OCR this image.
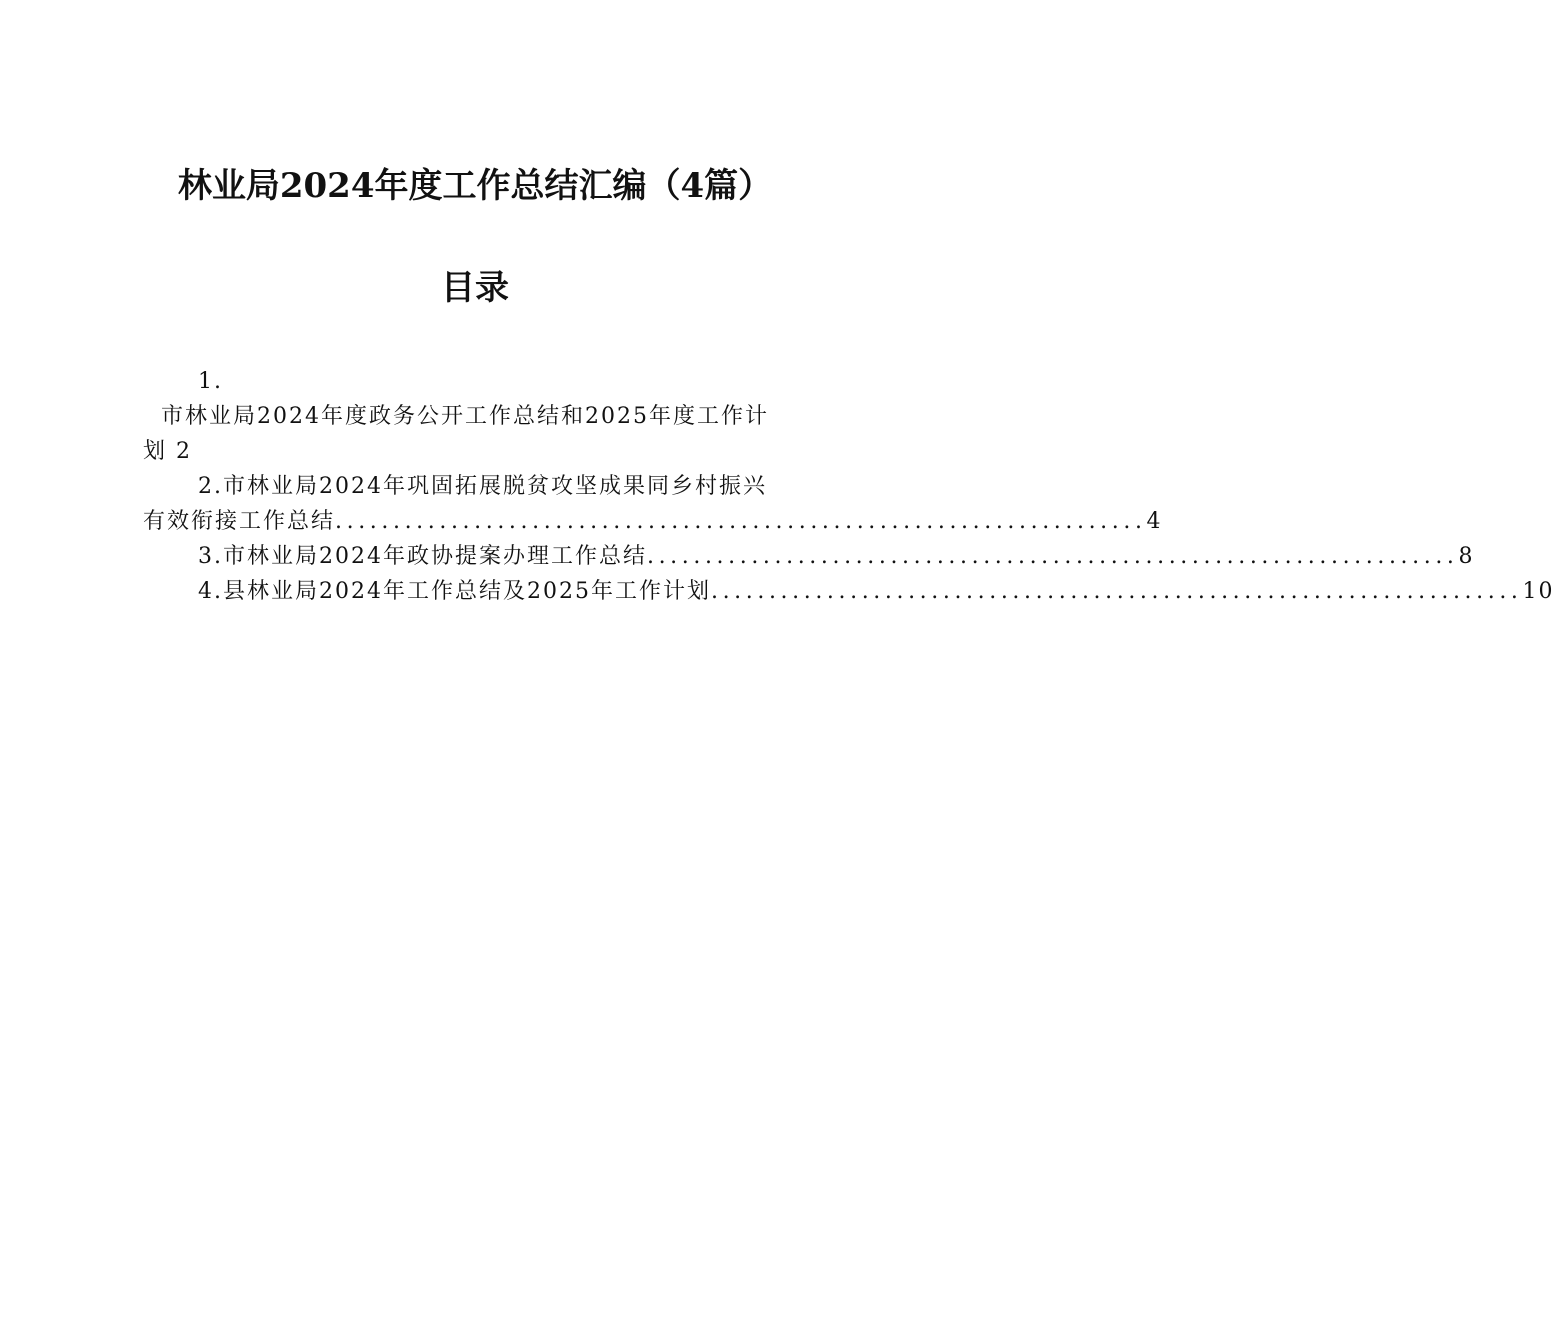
林业局2024年度工作总结汇编（4篇）
目录
1.
市林业局2024年度政务公开工作总结和2025年度工作计
划 2
2. 市林业局2024年巩固拓展脱贫攻坚成果同乡村振兴
有效衔接工作总结 ...................................................................... 4
3. 市林业局2024年政协提案办理工作总结 ...................................................................... 8
4. 县林业局2024年工作总结及2025年工作计划 ...................................................................... 10
